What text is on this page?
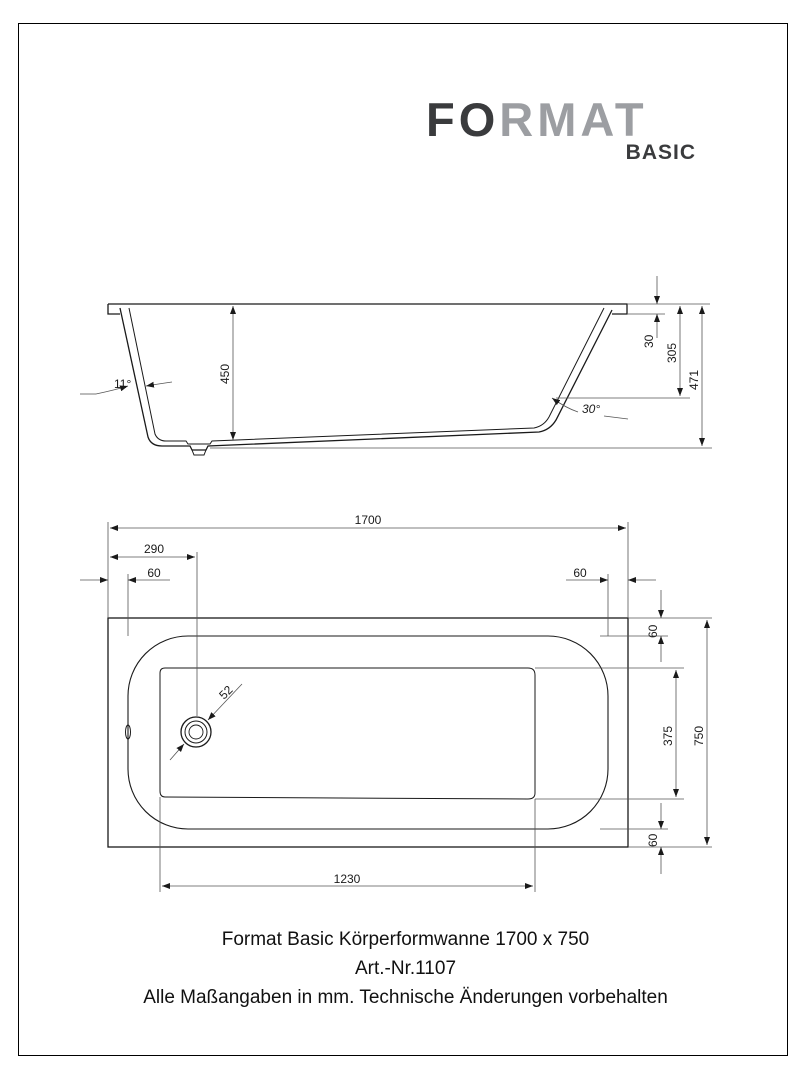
FORMAT
BASIC
450
30
305
471
11°
30°
1700
290
60	60
60
375 750
60
52
1230
Format Basic Körperformwanne 1700 x 750
Art.-Nr.1107
Alle Maßangaben in mm. Technische Änderungen vorbehalten
